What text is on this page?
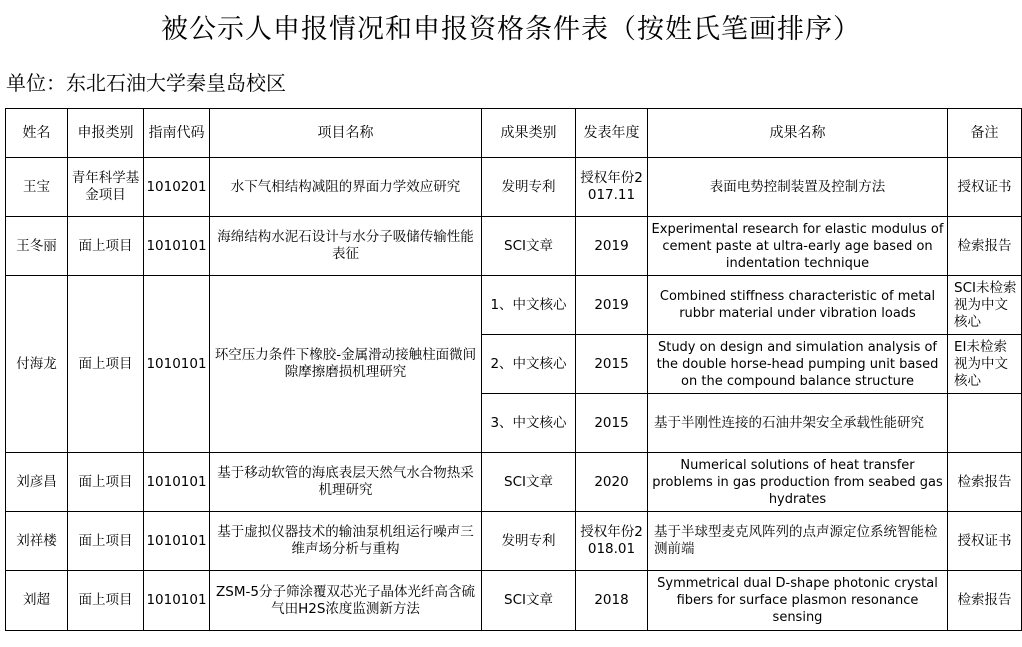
被公示人申报情况和申报资格条件表（按姓氏笔画排序）
单位：东北石油大学秦皇岛校区
姓名	申报类别	指南代码	项目名称	成果类别	发表年度	成果名称	备注
王宝	青年科学基金项目	1010201	水下气相结构减阻的界面力学效应研究	发明专利	授权年份2017.11	表面电势控制装置及控制方法	授权证书
王冬丽	面上项目	1010101	海绵结构水泥石设计与水分子吸储传输性能表征	SCI文章	2019	Experimental research for elastic modulus of cement paste at ultra-early age based on indentation technique	检索报告
付海龙	面上项目	1010101	环空压力条件下橡胶-金属滑动接触柱面微间隙摩擦磨损机理研究	1、中文核心	2019	Combined stiffness characteristic of metal rubbr material under vibration loads	SCI未检索视为中文核心
				2、中文核心	2015	Study on design and simulation analysis of the double horse-head pumping unit based on the compound balance structure	EI未检索视为中文核心
				3、中文核心	2015	基于半刚性连接的石油井架安全承载性能研究	
刘彦昌	面上项目	1010101	基于移动软管的海底表层天然气水合物热采机理研究	SCI文章	2020	Numerical solutions of heat transfer problems in gas production from seabed gas hydrates	检索报告
刘祥楼	面上项目	1010101	基于虚拟仪器技术的输油泵机组运行噪声三维声场分析与重构	发明专利	授权年份2018.01	基于半球型麦克风阵列的点声源定位系统智能检测前端	授权证书
刘超	面上项目	1010101	ZSM-5分子筛涂覆双芯光子晶体光纤高含硫气田H2S浓度监测新方法	SCI文章	2018	Symmetrical dual D-shape photonic crystal fibers for surface plasmon resonance sensing	检索报告
